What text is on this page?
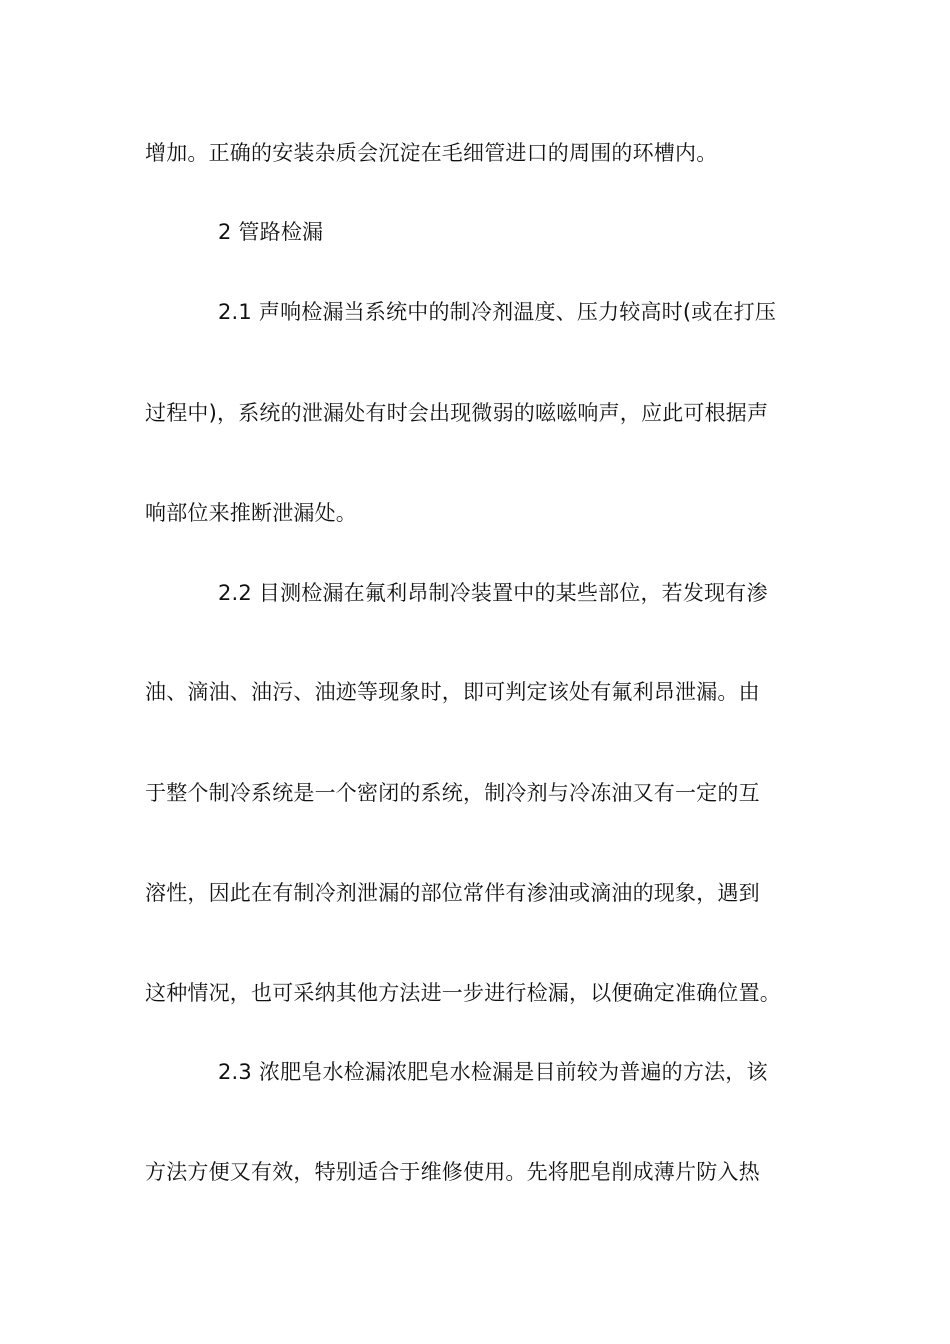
增加。正确的安装杂质会沉淀在毛细管进口的周围的环槽内。
2 管路检漏
2.1 声响检漏当系统中的制冷剂温度、压力较高时(或在打压
过程中)，系统的泄漏处有时会出现微弱的嗞嗞响声，应此可根据声
响部位来推断泄漏处。
2.2 目测检漏在氟利昂制冷装置中的某些部位，若发现有渗
油、滴油、油污、油迹等现象时，即可判定该处有氟利昂泄漏。由
于整个制冷系统是一个密闭的系统，制冷剂与冷冻油又有一定的互
溶性，因此在有制冷剂泄漏的部位常伴有渗油或滴油的现象，遇到
这种情况，也可采纳其他方法进一步进行检漏，以便确定准确位置。
2.3 浓肥皂水检漏浓肥皂水检漏是目前较为普遍的方法，该
方法方便又有效，特别适合于维修使用。先将肥皂削成薄片防入热
